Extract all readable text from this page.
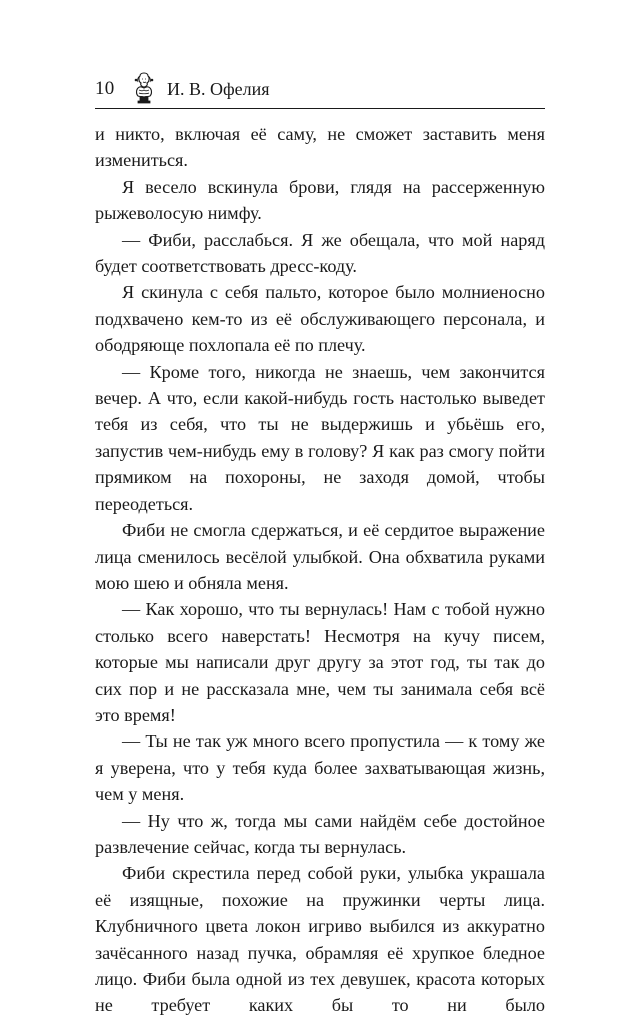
10	И. В. Офелия

и никто, включая её саму, не сможет заставить меня измениться.

Я весело вскинула брови, глядя на рассерженную рыжеволосую нимфу.

— Фиби, расслабься. Я же обещала, что мой наряд будет соответствовать дресс-коду.

Я скинула с себя пальто, которое было молниеносно подхвачено кем-то из её обслуживающего персонала, и ободряюще похлопала её по плечу.

— Кроме того, никогда не знаешь, чем закончится вечер. А что, если какой-нибудь гость настолько выведет тебя из себя, что ты не выдержишь и убьёшь его, запустив чем-нибудь ему в голову? Я как раз смогу пойти прямиком на похороны, не заходя домой, чтобы переодеться.

Фиби не смогла сдержаться, и её сердитое выражение лица сменилось весёлой улыбкой. Она обхватила руками мою шею и обняла меня.

— Как хорошо, что ты вернулась! Нам с тобой нужно столько всего наверстать! Несмотря на кучу писем, которые мы написали друг другу за этот год, ты так до сих пор и не рассказала мне, чем ты занимала себя всё это время!

— Ты не так уж много всего пропустила — к тому же я уверена, что у тебя куда более захватывающая жизнь, чем у меня.

— Ну что ж, тогда мы сами найдём себе достойное развлечение сейчас, когда ты вернулась.

Фиби скрестила перед собой руки, улыбка украшала её изящные, похожие на пружинки черты лица. Клубничного цвета локон игриво выбился из аккуратно зачёсанного назад пучка, обрамляя её хрупкое бледное лицо. Фиби была одной из тех девушек, красота которых не требует каких бы то ни было
